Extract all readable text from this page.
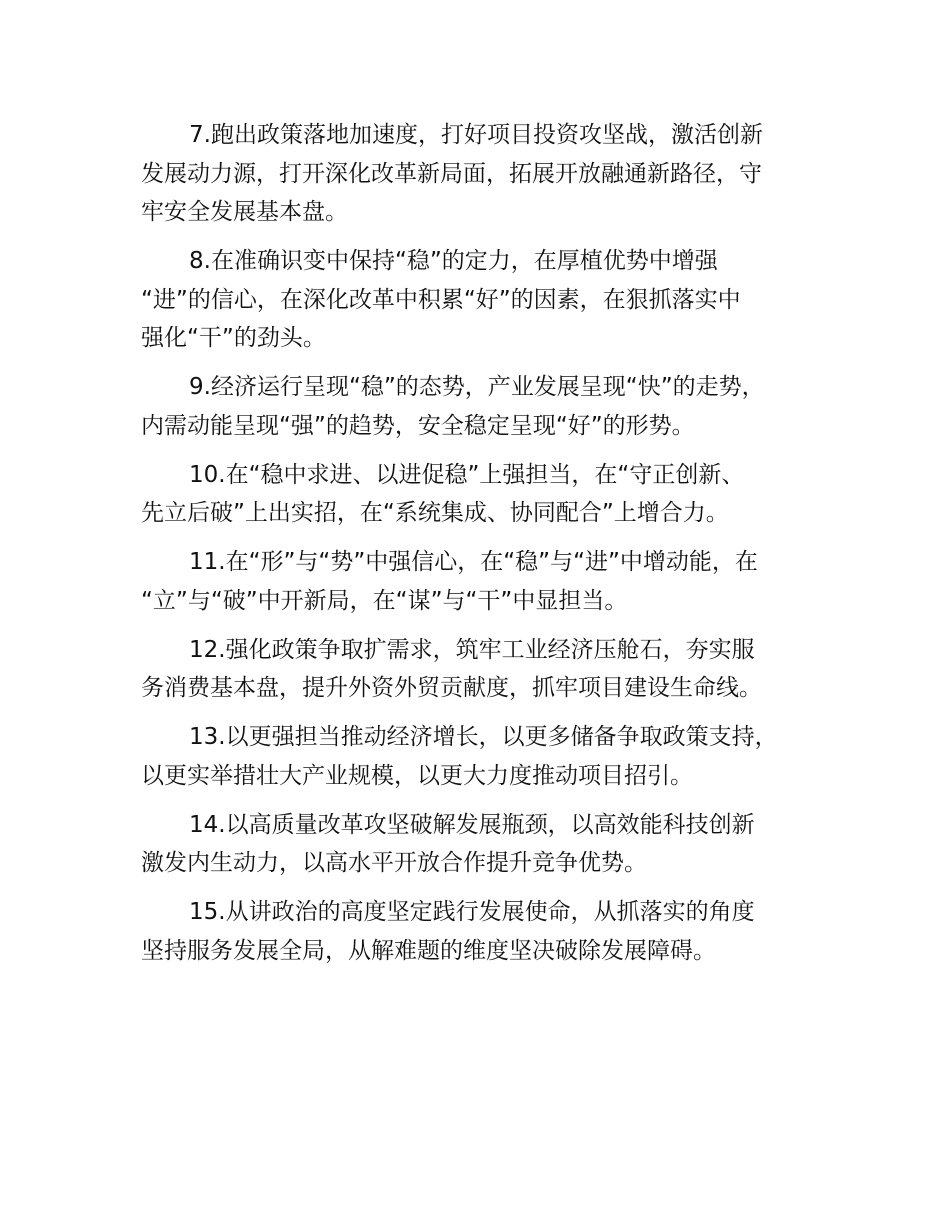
7.跑出政策落地加速度，打好项目投资攻坚战，激活创新
发展动力源，打开深化改革新局面，拓展开放融通新路径，守
牢安全发展基本盘。

8.在准确识变中保持“稳”的定力，在厚植优势中增强
“进”的信心，在深化改革中积累“好”的因素，在狠抓落实中
强化“干”的劲头。

9.经济运行呈现“稳”的态势，产业发展呈现“快”的走势，
内需动能呈现“强”的趋势，安全稳定呈现“好”的形势。

10.在“稳中求进、以进促稳”上强担当，在“守正创新、
先立后破”上出实招，在“系统集成、协同配合”上增合力。

11.在“形”与“势”中强信心，在“稳”与“进”中增动能，在
“立”与“破”中开新局，在“谋”与“干”中显担当。

12.强化政策争取扩需求，筑牢工业经济压舱石，夯实服
务消费基本盘，提升外资外贸贡献度，抓牢项目建设生命线。

13.以更强担当推动经济增长，以更多储备争取政策支持，
以更实举措壮大产业规模，以更大力度推动项目招引。

14.以高质量改革攻坚破解发展瓶颈，以高效能科技创新
激发内生动力，以高水平开放合作提升竞争优势。

15.从讲政治的高度坚定践行发展使命，从抓落实的角度
坚持服务发展全局，从解难题的维度坚决破除发展障碍。
